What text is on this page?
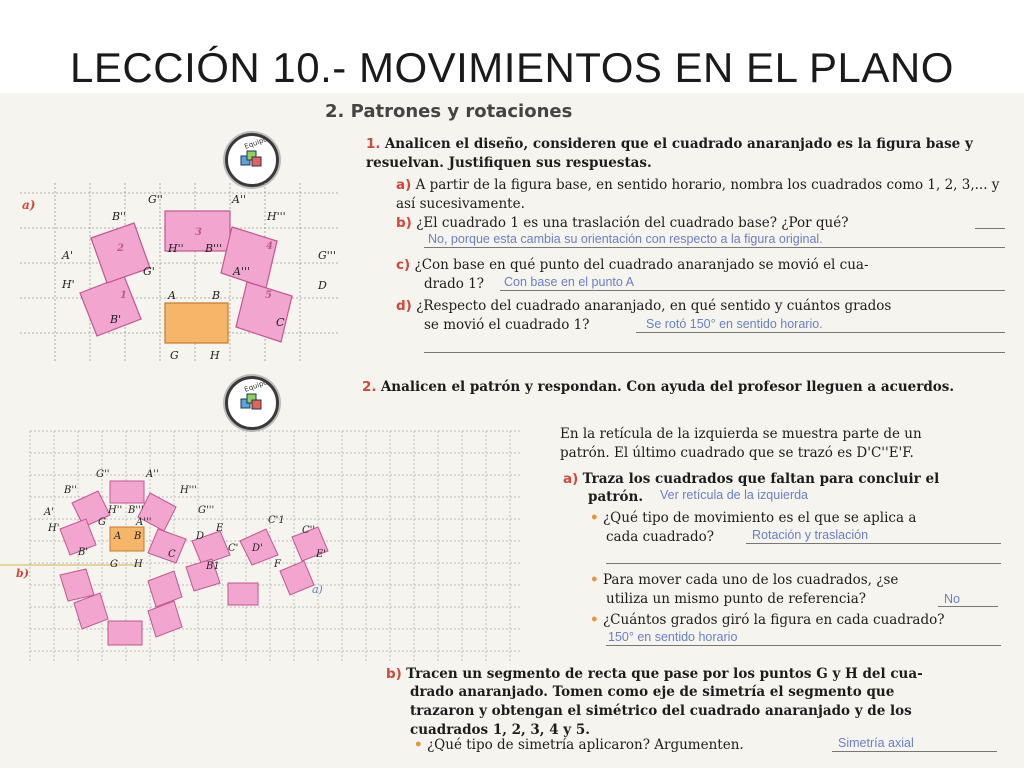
LECCIÓN 10.- MOVIMIENTOS EN EL PLANO
2. Patrones y rotaciones
Equipo
Equipo
a)
1
2
3
4
5
G''	A''
B''	H'''
A'
H'' B'''
G'''
G'	A'''
H'
A	B
D
B'	C
G	H
b)
G''	A''
B''	H'''
A'	H'' B'''	G'''
C'1
H'
G	A'''
C''
A B
C
C' D'
E'
B'
E
G H	B1	F
D
a)
1. Analicen el diseño, consideren que el cuadrado anaranjado es la figura base y resuelvan. Justifiquen sus respuestas.
a) A partir de la figura base, en sentido horario, nombra los cuadrados como 1, 2, 3,... y así sucesivamente.
b) ¿El cuadrado 1 es una traslación del cuadrado base? ¿Por qué?
No, porque esta cambia su orientación con respecto a la figura original.
c) ¿Con base en qué punto del cuadrado anaranjado se movió el cua-
drado 1? Con base en el punto A
d) ¿Respecto del cuadrado anaranjado, en qué sentido y cuántos grados
se movió el cuadrado 1?	Se rotó 150° en sentido horario.
2. Analicen el patrón y respondan. Con ayuda del profesor lleguen a acuerdos.
En la retícula de la izquierda se muestra parte de un
patrón. El último cuadrado que se trazó es D'C''E'F.
a) Traza los cuadrados que faltan para concluir el
patrón. Ver retícula de la izquierda
• ¿Qué tipo de movimiento es el que se aplica a
cada cuadrado?	Rotación y traslación
• Para mover cada uno de los cuadrados, ¿se
utiliza un mismo punto de referencia?	No
• ¿Cuántos grados giró la figura en cada cuadrado?
150° en sentido horario
b) Tracen un segmento de recta que pase por los puntos G y H del cua-
drado anaranjado. Tomen como eje de simetría el segmento que
trazaron y obtengan el simétrico del cuadrado anaranjado y de los
cuadrados 1, 2, 3, 4 y 5.
• ¿Qué tipo de simetría aplicaron? Argumenten.	Simetría axial
